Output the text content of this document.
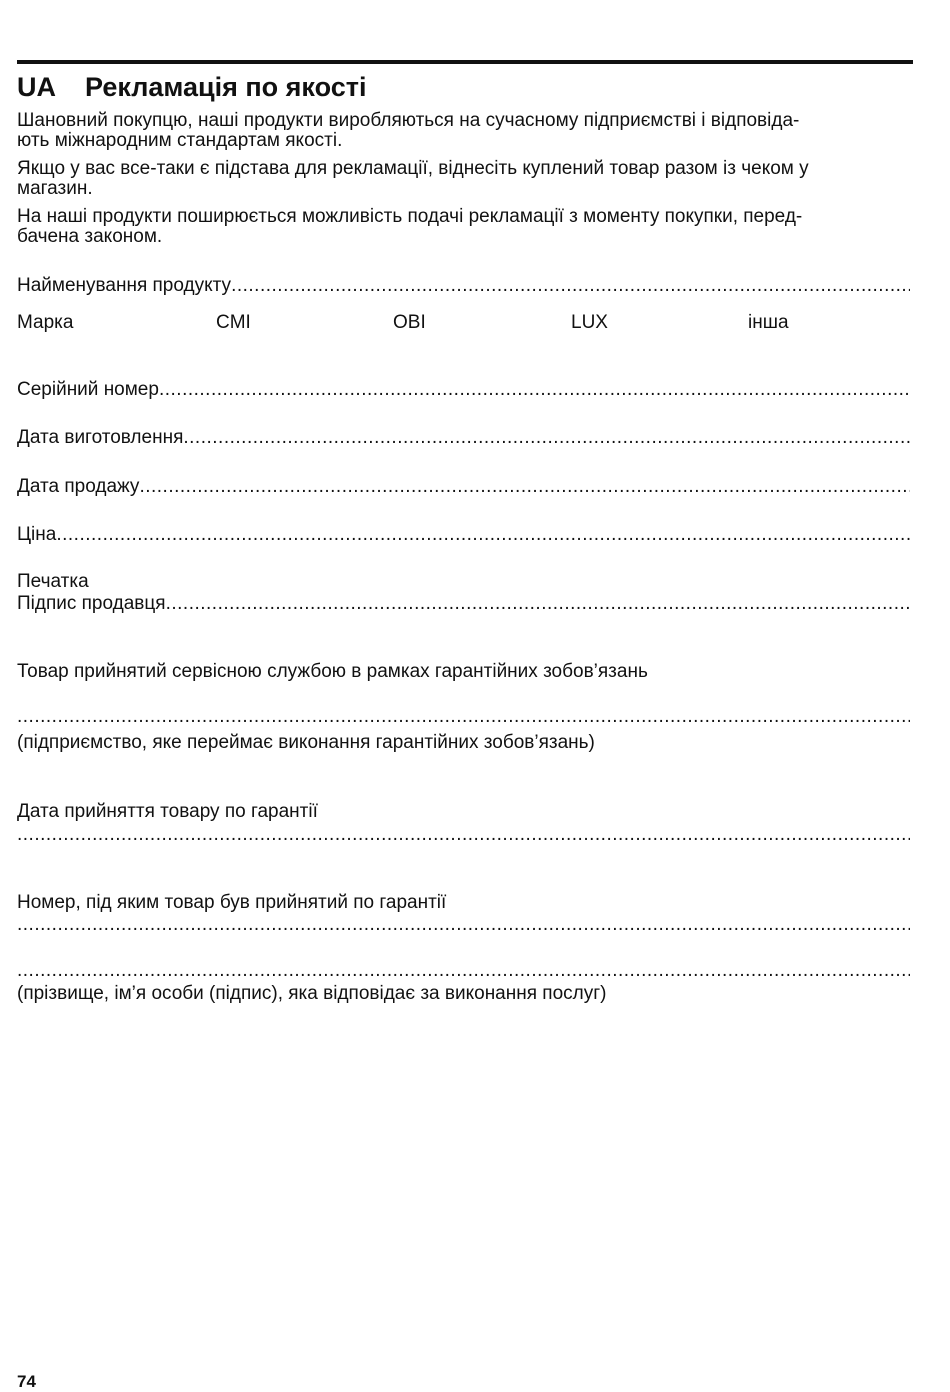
UA Рекламація по якості
Шановний покупцю, наші продукти виробляються на сучасному підприємстві і відповіда-
ють міжнародним стандартам якості.
Якщо у вас все-таки є підстава для рекламації, віднесіть куплений товар разом із чеком у
магазин.
На наші продукти поширюється можливість подачі рекламації з моменту покупки, перед-
бачена законом.
Найменування продукту
.....
Марка	CMI	OBI	LUX	інша
Серійний номер
.....
Дата виготовлення
.....
Дата продажу
.....
Ціна
.....
Печатка
Підпис продавця
.....
Товар прийнятий сервісною службою в рамках гарантійних зобов’язань
.....
(підприємство, яке переймає виконання гарантійних зобов’язань)
Дата прийняття товару по гарантії
.....
Номер, під яким товар був прийнятий по гарантії
.....
.....
(прізвище, ім’я особи (підпис), яка відповідає за виконання послуг)
74
